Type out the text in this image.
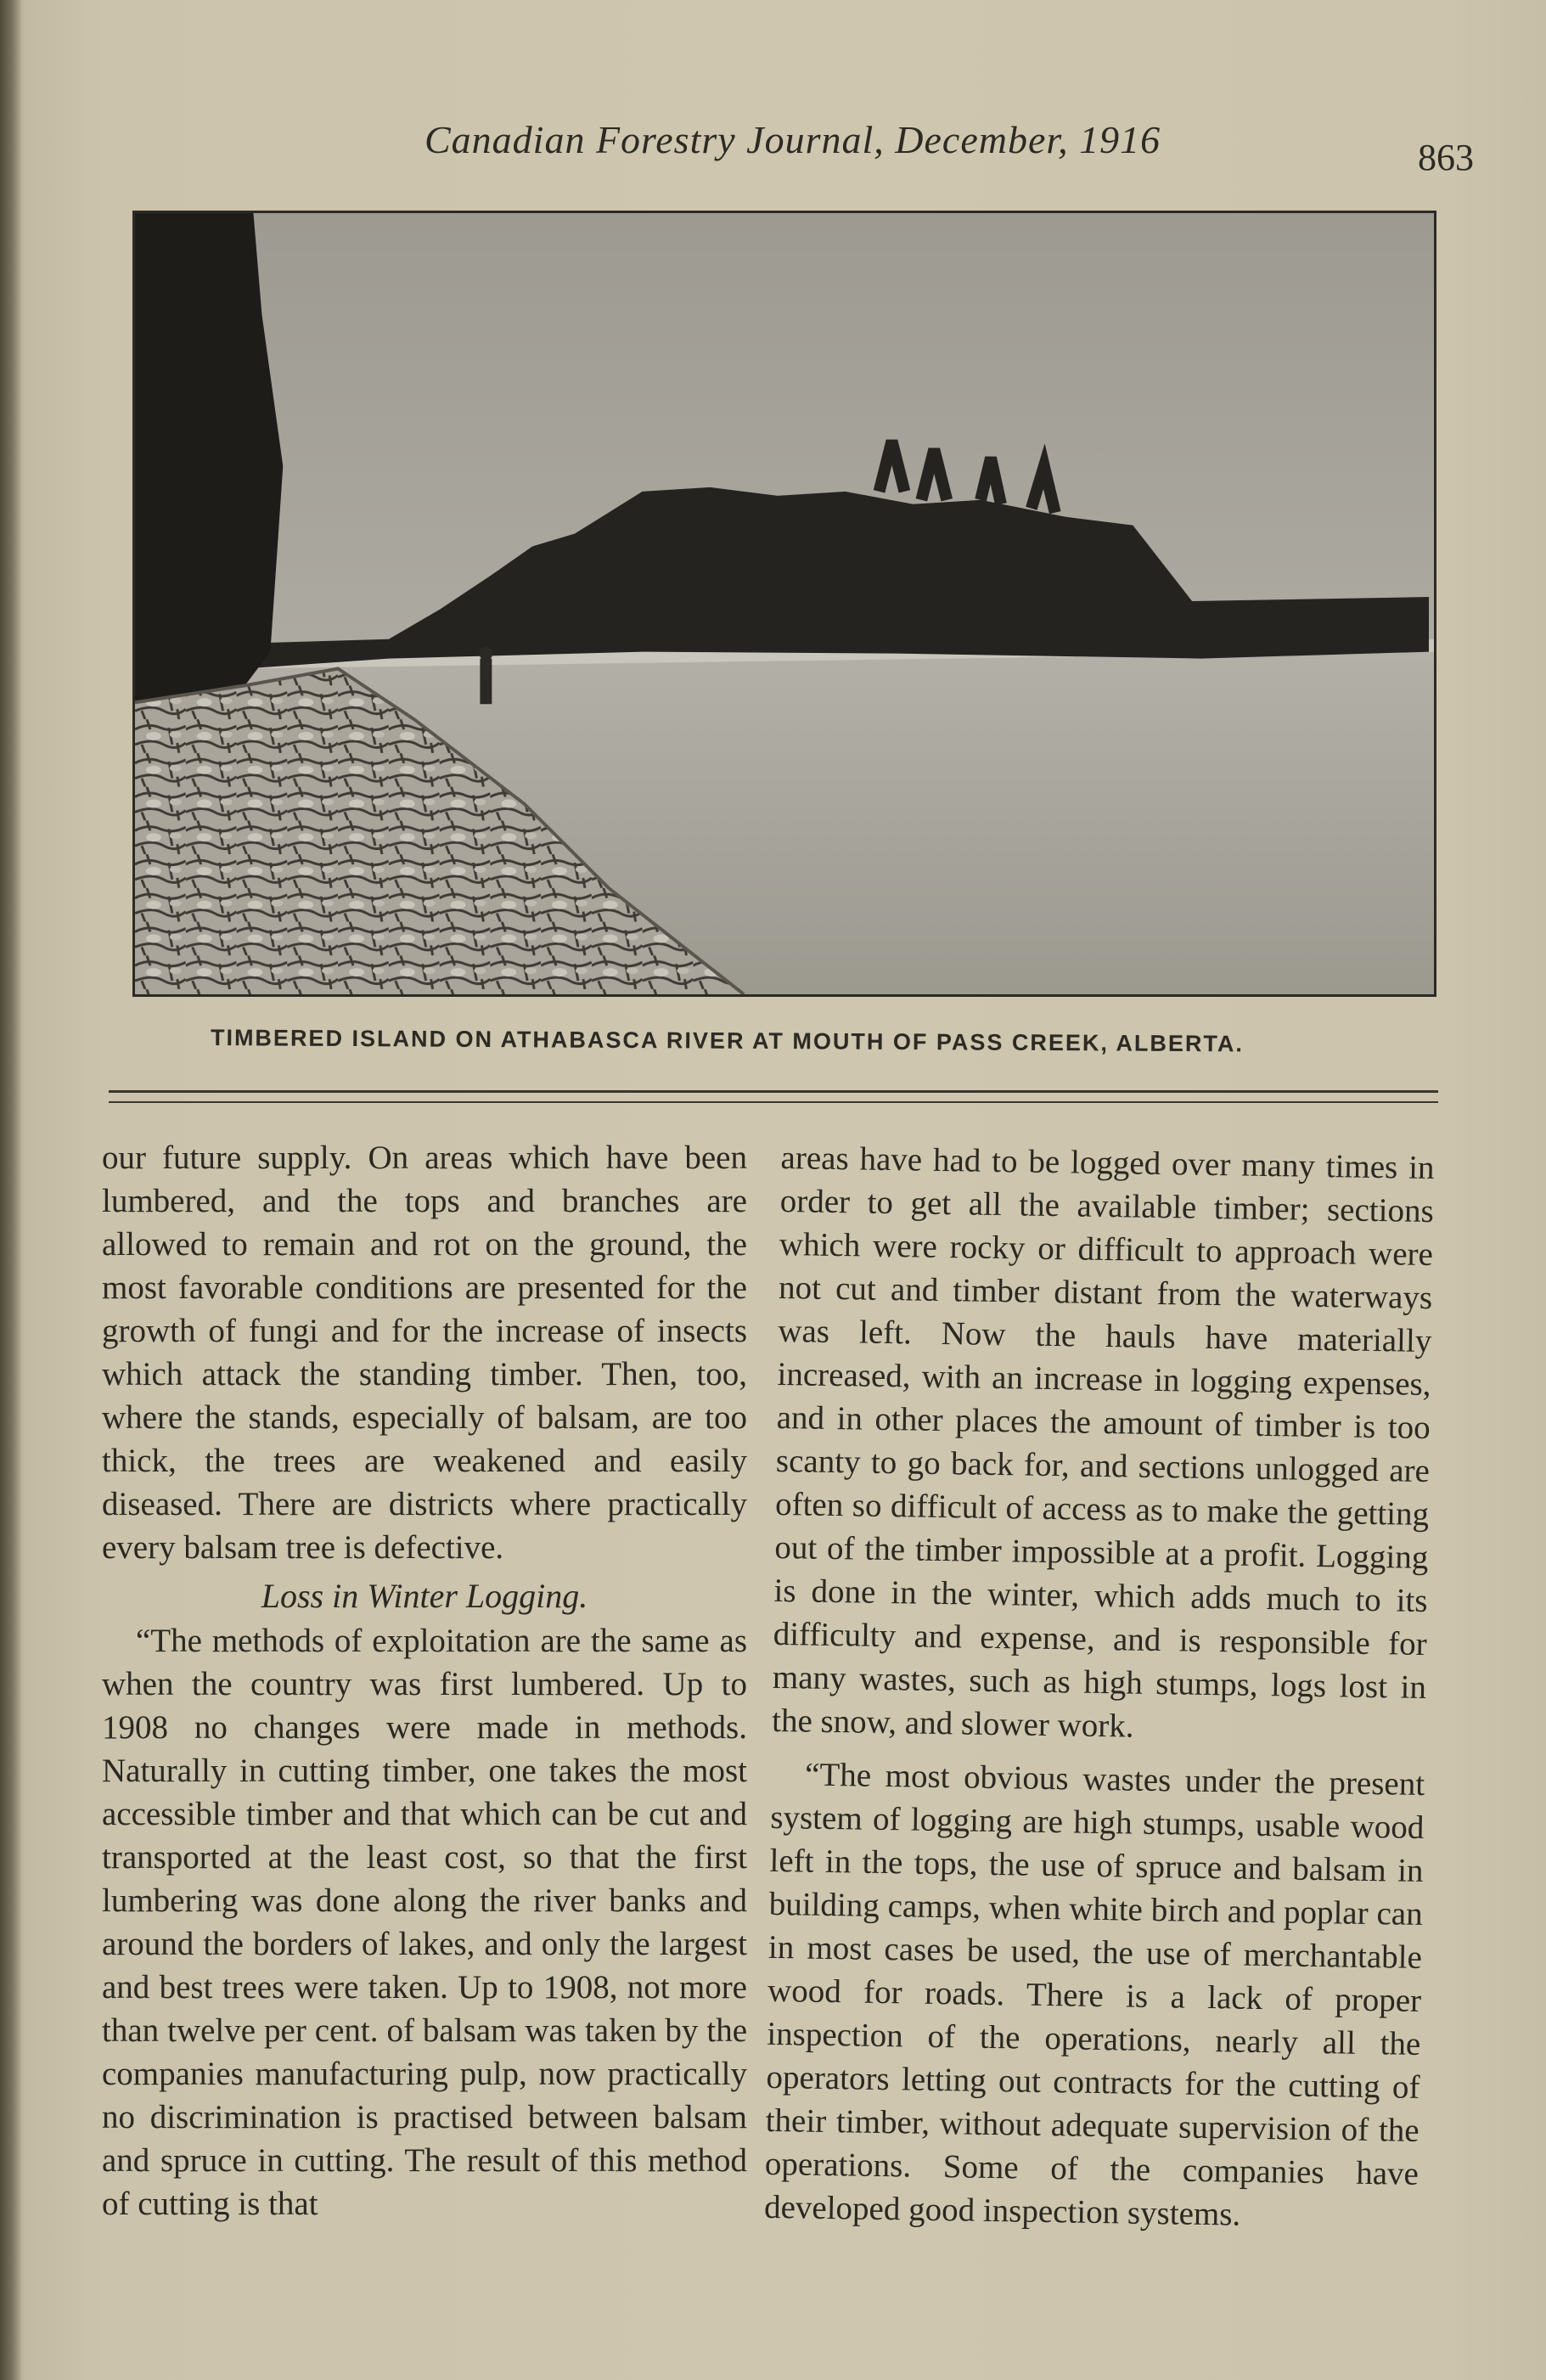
Canadian Forestry Journal, December, 1916	863
TIMBERED ISLAND ON ATHABASCA RIVER AT MOUTH OF PASS CREEK, ALBERTA.

our future supply. On areas which have been lumbered, and the tops and branches are allowed to remain and rot on the ground, the most favorable conditions are presented for the growth of fungi and for the increase of insects which attack the standing timber. Then, too, where the stands, especially of balsam, are too thick, the trees are weakened and easily diseased. There are districts where practically every balsam tree is defective.

Loss in Winter Logging.

“The methods of exploitation are the same as when the country was first lumbered. Up to 1908 no changes were made in methods. Naturally in cutting timber, one takes the most accessible timber and that which can be cut and transported at the least cost, so that the first lumbering was done along the river banks and around the borders of lakes, and only the largest and best trees were taken. Up to 1908, not more than twelve per cent. of balsam was taken by the companies manufacturing pulp, now practically no discrimination is practised between balsam and spruce in cutting. The result of this method of cutting is that

areas have had to be logged over many times in order to get all the available timber; sections which were rocky or difficult to approach were not cut and timber distant from the waterways was left. Now the hauls have materially increased, with an increase in logging expenses, and in other places the amount of timber is too scanty to go back for, and sections unlogged are often so difficult of access as to make the getting out of the timber impossible at a profit. Logging is done in the winter, which adds much to its difficulty and expense, and is responsible for many wastes, such as high stumps, logs lost in the snow, and slower work.

“The most obvious wastes under the present system of logging are high stumps, usable wood left in the tops, the use of spruce and balsam in building camps, when white birch and poplar can in most cases be used, the use of merchantable wood for roads. There is a lack of proper inspection of the operations, nearly all the operators letting out contracts for the cutting of their timber, without adequate supervision of the operations. Some of the companies have developed good inspection systems.
